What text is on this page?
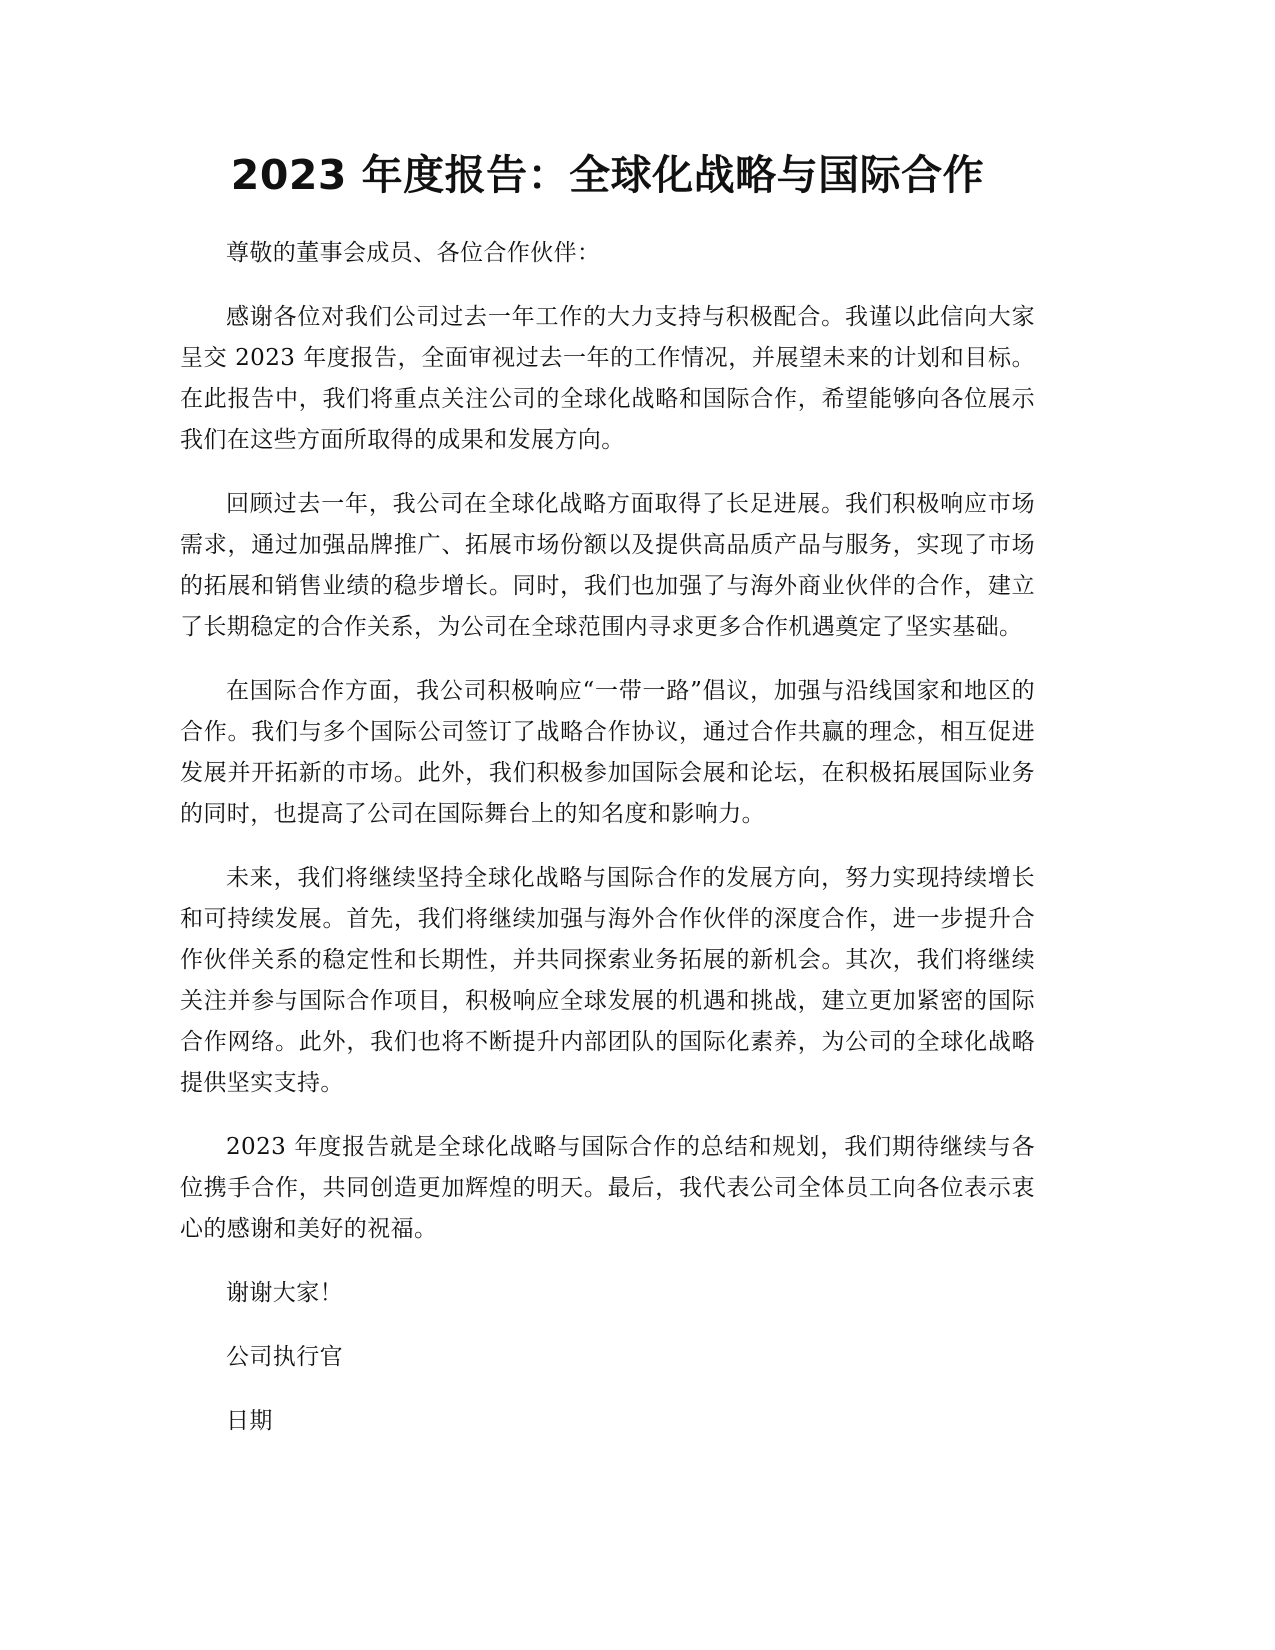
2023 年度报告：全球化战略与国际合作

尊敬的董事会成员、各位合作伙伴：

感谢各位对我们公司过去一年工作的大力支持与积极配合。我谨以此信向大家呈交 2023 年度报告，全面审视过去一年的工作情况，并展望未来的计划和目标。在此报告中，我们将重点关注公司的全球化战略和国际合作，希望能够向各位展示我们在这些方面所取得的成果和发展方向。

回顾过去一年，我公司在全球化战略方面取得了长足进展。我们积极响应市场需求，通过加强品牌推广、拓展市场份额以及提供高品质产品与服务，实现了市场的拓展和销售业绩的稳步增长。同时，我们也加强了与海外商业伙伴的合作，建立了长期稳定的合作关系，为公司在全球范围内寻求更多合作机遇奠定了坚实基础。

在国际合作方面，我公司积极响应“一带一路”倡议，加强与沿线国家和地区的合作。我们与多个国际公司签订了战略合作协议，通过合作共赢的理念，相互促进发展并开拓新的市场。此外，我们积极参加国际会展和论坛，在积极拓展国际业务的同时，也提高了公司在国际舞台上的知名度和影响力。

未来，我们将继续坚持全球化战略与国际合作的发展方向，努力实现持续增长和可持续发展。首先，我们将继续加强与海外合作伙伴的深度合作，进一步提升合作伙伴关系的稳定性和长期性，并共同探索业务拓展的新机会。其次，我们将继续关注并参与国际合作项目，积极响应全球发展的机遇和挑战，建立更加紧密的国际合作网络。此外，我们也将不断提升内部团队的国际化素养，为公司的全球化战略提供坚实支持。

2023 年度报告就是全球化战略与国际合作的总结和规划，我们期待继续与各位携手合作，共同创造更加辉煌的明天。最后，我代表公司全体员工向各位表示衷心的感谢和美好的祝福。

谢谢大家！

公司执行官

日期
